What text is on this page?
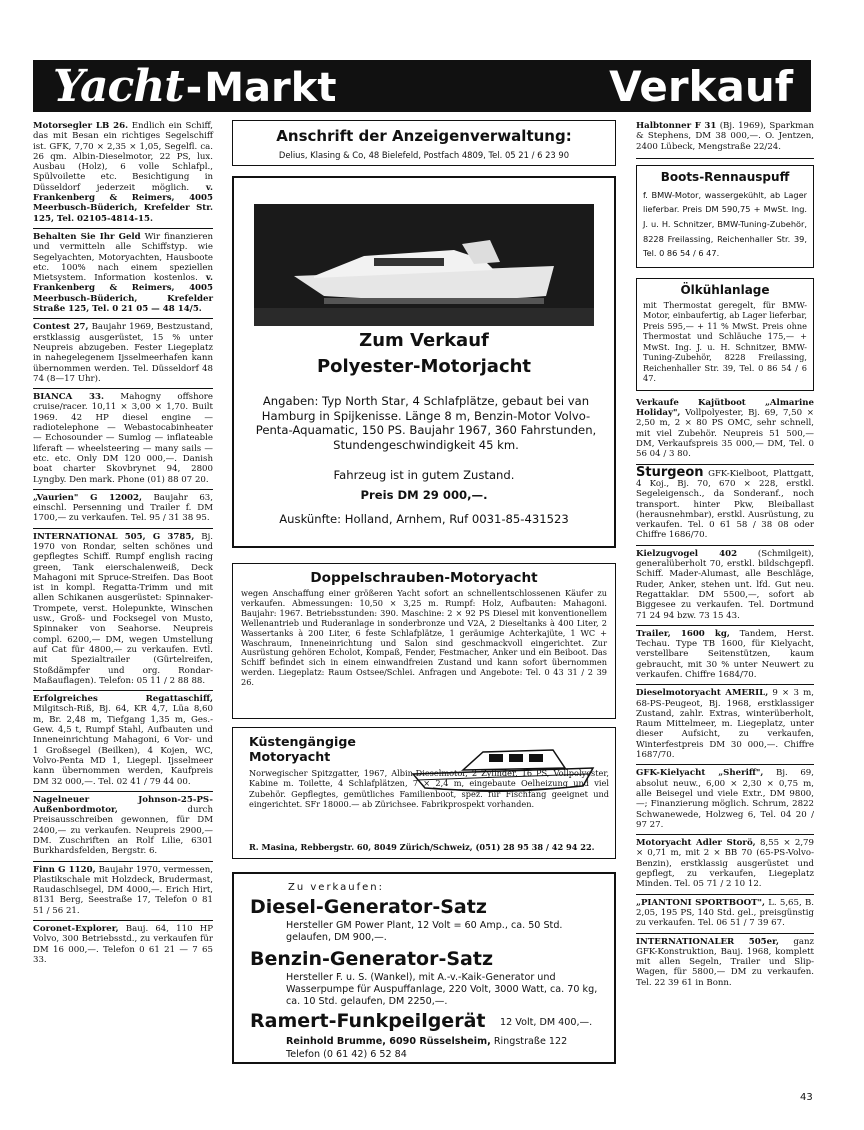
Yacht - Markt	Verkauf
Motorsegler LB 26. Endlich ein Schiff, das mit Besan ein richtiges Segelschiff ist. GFK, 7,70 × 2,35 × 1,05, Segelfl. ca. 26 qm. Albin-Dieselmotor, 22 PS, lux. Ausbau (Holz), 6 volle Schlafpl., Spülvoilette etc. Besichtigung in Düsseldorf jederzeit möglich. v. Frankenberg & Reimers, 4005 Meerbusch-Büderich, Krefelder Str. 125, Tel. 02105-4814-15.
Behalten Sie Ihr Geld Wir finanzieren und vermitteln alle Schiffstyp. wie Segelyachten, Motoryachten, Hausboote etc. 100% nach einem speziellen Mietsystem. Information kostenlos. v. Frankenberg & Reimers, 4005 Meerbusch-Büderich, Krefelder Straße 125, Tel. 0 21 05 — 48 14/5.
Contest 27, Baujahr 1969, Bestzustand, erstklassig ausgerüstet, 15 % unter Neupreis abzugeben. Fester Liegeplatz in nahegelegenem Ijsselmeerhafen kann übernommen werden. Tel. Düsseldorf 48 74 (8—17 Uhr).
BIANCA 33. Mahogny offshore cruise/racer. 10,11 × 3,00 × 1,70. Built 1969. 42 HP diesel engine — radiotelephone — Webastocabinheater — Echosounder — Sumlog — inflateable liferaft — wheelsteering — many sails — etc. etc. Only DM 120 000,—. Danish boat charter Skovbrynet 94, 2800 Lyngby. Den mark. Phone (01) 88 07 20.
„Vaurien" G 12002, Baujahr 63, einschl. Persenning und Trailer f. DM 1700,— zu verkaufen. Tel. 95 / 31 38 95.
INTERNATIONAL 505, G 3785, Bj. 1970 von Rondar, selten schönes und gepflegtes Schiff. Rumpf english racing green, Tank eierschalenweiß, Deck Mahagoni mit Spruce-Streifen. Das Boot ist in kompl. Regatta-Trimm und mit allen Schikanen ausgerüstet: Spinnaker-Trompete, verst. Holepunkte, Winschen usw., Groß- und Focksegel von Musto, Spinnaker von Seahorse. Neupreis compl. 6200,— DM, wegen Umstellung auf Cat für 4800,— zu verkaufen. Evtl. mit Spezialtrailer (Gürtelreifen, Stoßdämpfer und org. Rondar-Maßauflagen). Telefon: 05 11 / 2 88 88.
Erfolgreiches Regattaschiff, Milgitsch-Riß, Bj. 64, KR 4,7, Lüa 8,60 m, Br. 2,48 m, Tiefgang 1,35 m, Ges.-Gew. 4,5 t, Rumpf Stahl, Aufbauten und Inneneinrichtung Mahagoni, 6 Vor- und 1 Großsegel (Beilken), 4 Kojen, WC, Volvo-Penta MD 1, Liegepl. Ijsselmeer kann übernommen werden, Kaufpreis DM 32 000,—. Tel. 02 41 / 79 44 00.
Nagelneuer Johnson-25-PS-Außenbordmotor, durch Preisausschreiben gewonnen, für DM 2400,— zu verkaufen. Neupreis 2900,— DM. Zuschriften an Rolf Lilie, 6301 Burkhardsfelden, Bergstr. 6.
Finn G 1120, Baujahr 1970, vermessen, Plastikschale mit Holzdeck, Brudermast, Raudaschlsegel, DM 4000,—. Erich Hirt, 8131 Berg, Seestraße 17, Telefon 0 81 51 / 56 21.
Coronet-Explorer, Bauj. 64, 110 HP Volvo, 300 Betriebsstd., zu verkaufen für DM 16 000,—. Telefon 0 61 21 — 7 65 33.
Anschrift der Anzeigenverwaltung:
Delius, Klasing & Co, 48 Bielefeld, Postfach 4809, Tel. 05 21 / 6 23 90
Zum Verkauf
Polyester-Motorjacht
Angaben: Typ North Star, 4 Schlafplätze, gebaut bei van Hamburg in Spijkenisse. Länge 8 m, Benzin-Motor Volvo-Penta-Aquamatic, 150 PS. Baujahr 1967, 360 Fahrstunden, Stundengeschwindigkeit 45 km.
Fahrzeug ist in gutem Zustand.
Preis DM 29 000,—.
Auskünfte: Holland, Arnhem, Ruf 0031-85-431523
Doppelschrauben-Motoryacht
wegen Anschaffung einer größeren Yacht sofort an schnellentschlossenen Käufer zu verkaufen. Abmessungen: 10,50 × 3,25 m. Rumpf: Holz, Aufbauten: Mahagoni. Baujahr: 1967. Betriebsstunden: 390. Maschine: 2 × 92 PS Diesel mit konventionellem Wellenantrieb und Ruderanlage in sonderbronze und V2A, 2 Dieseltanks à 400 Liter, 2 Wassertanks à 200 Liter, 6 feste Schlafplätze, 1 geräumige Achterkajüte, 1 WC + Waschraum, Inneneinrichtung und Salon sind geschmackvoll eingerichtet. Zur Ausrüstung gehören Echolot, Kompaß, Fender, Festmacher, Anker und ein Beiboot. Das Schiff befindet sich in einem einwandfreien Zustand und kann sofort übernommen werden. Liegeplatz: Raum Ostsee/Schlei. Anfragen und Angebote: Tel. 0 43 31 / 2 39 26.
Küstengängige
Motoryacht
Norwegischer Spitzgatter, 1967, Albin-Dieselmotor, 2 Zylinder, 16 PS, Vollpolyester, Kabine m. Toilette, 4 Schlafplätzen, 7 × 2,4 m, eingebaute Oelheizung und viel Zubehör. Gepflegtes, gemütliches Familienboot, spez. für Fischfang geeignet und eingerichtet. SFr 18000.— ab Zürichsee. Fabrikprospekt vorhanden.
R. Masina, Rebbergstr. 60, 8049 Zürich/Schweiz, (051) 28 95 38 / 42 94 22.
Zu verkaufen:
Diesel-Generator-Satz
Hersteller GM Power Plant, 12 Volt = 60 Amp., ca. 50 Std. gelaufen, DM 900,—.
Benzin-Generator-Satz
Hersteller F. u. S. (Wankel), mit A.-v.-Kaik-Generator und Wasserpumpe für Auspuffanlage, 220 Volt, 3000 Watt, ca. 70 kg, ca. 10 Std. gelaufen, DM 2250,—.
Ramert-Funkpeilgerät 12 Volt, DM 400,—.
Reinhold Brumme, 6090 Rüsselsheim, Ringstraße 122
Telefon (0 61 42) 6 52 84
Halbtonner F 31 (Bj. 1969), Sparkman & Stephens, DM 38 000,—. O. Jentzen, 2400 Lübeck, Mengstraße 22/24.
Boots-Rennauspuff
f. BMW-Motor, wassergekühlt, ab Lager lieferbar. Preis DM 590,75 + MwSt. Ing. J. u. H. Schnitzer, BMW-Tuning-Zubehör, 8228 Freilassing, Reichenhaller Str. 39, Tel. 0 86 54 / 6 47.
Ölkühlanlage
mit Thermostat geregelt, für BMW-Motor, einbaufertig, ab Lager lieferbar, Preis 595,— + 11 % MwSt. Preis ohne Thermostat und Schläuche 175,— + MwSt. Ing. J. u. H. Schnitzer, BMW-Tuning-Zubehör, 8228 Freilassing, Reichenhaller Str. 39, Tel. 0 86 54 / 6 47.
Verkaufe Kajütboot „Almarine Holiday", Vollpolyester, Bj. 69, 7,50 × 2,50 m, 2 × 80 PS OMC, sehr schnell, mit viel Zubehör. Neupreis 51 500,— DM, Verkaufspreis 35 000,— DM, Tel. 0 56 04 / 3 80.
Sturgeon GFK-Kielboot, Plattgatt, 4 Koj., Bj. 70, 670 × 228, erstkl. Segeleigensch., da Sonderanf., noch transport. hinter Pkw, Bleiballast (herausnehmbar), erstkl. Ausrüstung, zu verkaufen. Tel. 0 61 58 / 38 08 oder Chiffre 1686/70.
Kielzugvogel 402 (Schmilgeit), generalüberholt 70, erstkl. bildschgepfl. Schiff. Mader-Alumast, alle Beschläge, Ruder, Anker, stehen unt. lfd. Gut neu. Regattaklar. DM 5500,—, sofort ab Biggesee zu verkaufen. Tel. Dortmund 71 24 94 bzw. 73 15 43.
Trailer, 1600 kg, Tandem, Herst. Techau. Type TB 1600, für Kielyacht, verstellbare Seitenstützen, kaum gebraucht, mit 30 % unter Neuwert zu verkaufen. Chiffre 1684/70.
Dieselmotoryacht AMERIL, 9 × 3 m, 68-PS-Peugeot, Bj. 1968, erstklassiger Zustand, zahlr. Extras, winterüberholt, Raum Mittelmeer, m. Liegeplatz, unter dieser Aufsicht, zu verkaufen, Winterfestpreis DM 30 000,—. Chiffre 1687/70.
GFK-Kielyacht „Sheriff", Bj. 69, absolut neuw., 6,00 × 2,30 × 0,75 m, alle Beisegel und viele Extr., DM 9800,—; Finanzierung möglich. Schrum, 2822 Schwanewede, Holzweg 6, Tel. 04 20 / 97 27.
Motoryacht Adler Storö, 8,55 × 2,79 × 0,71 m, mit 2 × BB 70 (65-PS-Volvo-Benzin), erstklassig ausgerüstet und gepflegt, zu verkaufen, Liegeplatz Minden. Tel. 05 71 / 2 10 12.
„PIANTONI SPORTBOOT", L. 5,65, B. 2,05, 195 PS, 140 Std. gel., preisgünstig zu verkaufen. Tel. 06 51 / 7 39 67.
INTERNATIONALER 505er, ganz GFK-Konstruktion, Bauj. 1968, komplett mit allen Segeln, Trailer und Slip-Wagen, für 5800,— DM zu verkaufen. Tel. 22 39 61 in Bonn.
43
